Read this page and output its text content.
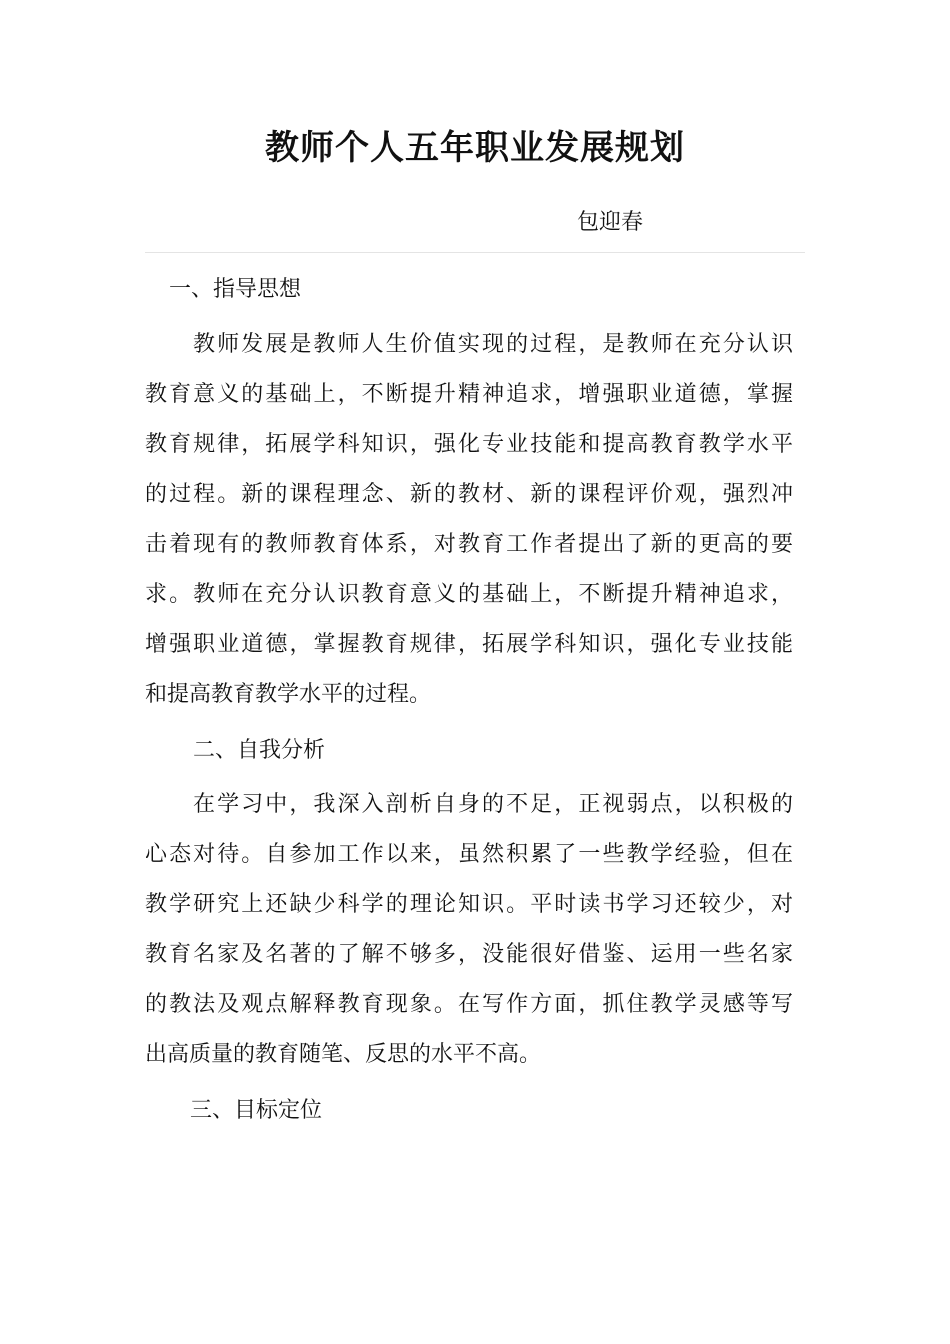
教师个人五年职业发展规划
包迎春
一、指导思想
教师发展是教师人生价值实现的过程，是教师在充分认识
教育意义的基础上，不断提升精神追求，增强职业道德，掌握
教育规律，拓展学科知识，强化专业技能和提高教育教学水平
的过程。新的课程理念、新的教材、新的课程评价观，强烈冲
击着现有的教师教育体系，对教育工作者提出了新的更高的要
求。教师在充分认识教育意义的基础上，不断提升精神追求，
增强职业道德，掌握教育规律，拓展学科知识，强化专业技能
和提高教育教学水平的过程。
二、自我分析
在学习中，我深入剖析自身的不足，正视弱点，以积极的
心态对待。自参加工作以来，虽然积累了一些教学经验，但在
教学研究上还缺少科学的理论知识。平时读书学习还较少，对
教育名家及名著的了解不够多，没能很好借鉴、运用一些名家
的教法及观点解释教育现象。在写作方面，抓住教学灵感等写
出高质量的教育随笔、反思的水平不高。
三、目标定位
